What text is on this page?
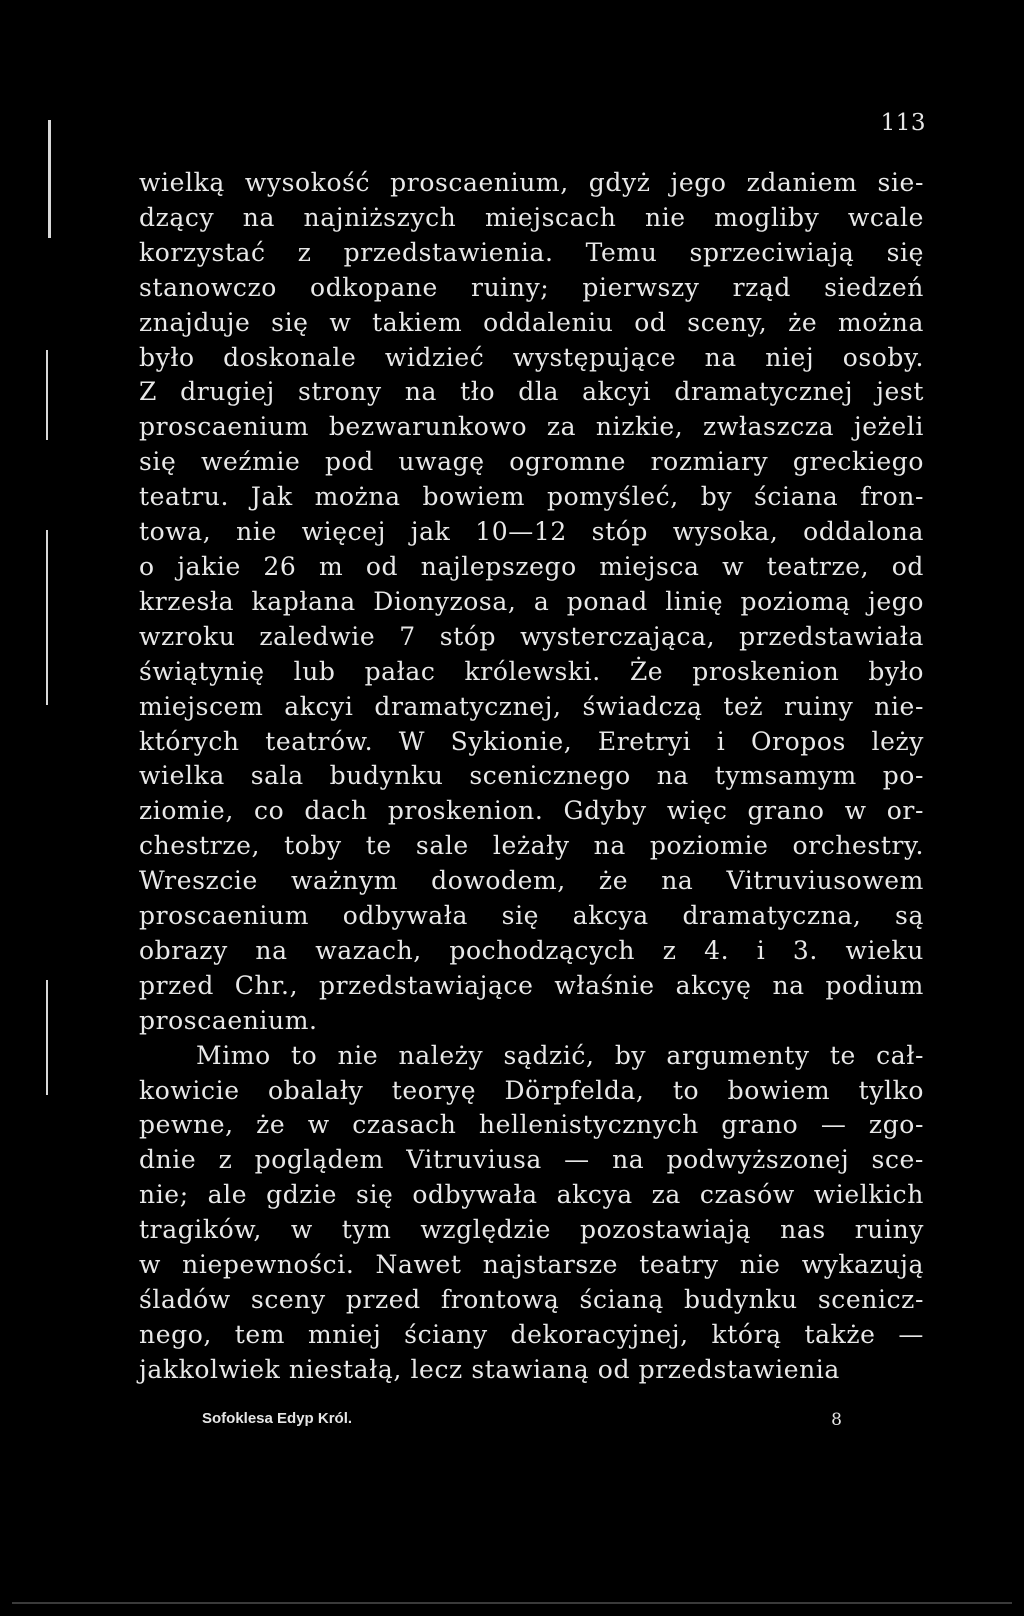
113
wielką wysokość proscaenium, gdyż jego zdaniem sie-
dzący na najniższych miejscach nie mogliby wcale
korzystać z przedstawienia. Temu sprzeciwiają się
stanowczo odkopane ruiny; pierwszy rząd siedzeń
znajduje się w takiem oddaleniu od sceny, że można
było doskonale widzieć występujące na niej osoby.
Z drugiej strony na tło dla akcyi dramatycznej jest
proscaenium bezwarunkowo za nizkie, zwłaszcza jeżeli
się weźmie pod uwagę ogromne rozmiary greckiego
teatru. Jak można bowiem pomyśleć, by ściana fron-
towa, nie więcej jak 10—12 stóp wysoka, oddalona
o jakie 26 m od najlepszego miejsca w teatrze, od
krzesła kapłana Dionyzosa, a ponad linię poziomą jego
wzroku zaledwie 7 stóp wysterczająca, przedstawiała
świątynię lub pałac królewski. Że proskenion było
miejscem akcyi dramatycznej, świadczą też ruiny nie-
których teatrów. W Sykionie, Eretryi i Oropos leży
wielka sala budynku scenicznego na tymsamym po-
ziomie, co dach proskenion. Gdyby więc grano w or-
chestrze, toby te sale leżały na poziomie orchestry.
Wreszcie ważnym dowodem, że na Vitruviusowem
proscaenium odbywała się akcya dramatyczna, są
obrazy na wazach, pochodzących z 4. i 3. wieku
przed Chr., przedstawiające właśnie akcyę na podium
proscaenium.
Mimo to nie należy sądzić, by argumenty te cał-
kowicie obalały teoryę Dörpfelda, to bowiem tylko
pewne, że w czasach hellenistycznych grano — zgo-
dnie z poglądem Vitruviusa — na podwyższonej sce-
nie; ale gdzie się odbywała akcya za czasów wielkich
tragików, w tym względzie pozostawiają nas ruiny
w niepewności. Nawet najstarsze teatry nie wykazują
śladów sceny przed frontową ścianą budynku scenicz-
nego, tem mniej ściany dekoracyjnej, którą także —
jakkolwiek niestałą, lecz stawianą od przedstawienia
Sofoklesa Edyp Król.	8
